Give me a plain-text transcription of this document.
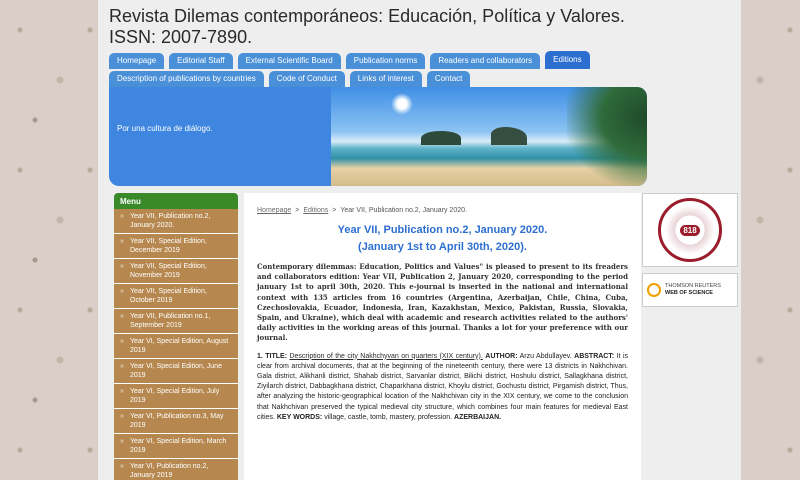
Revista Dilemas contemporáneos: Educación, Política y Valores.
ISSN: 2007-7890.
Homepage	Editorial Staff	External Scientific Board	Publication norms	Readers and collaborators	Editions
Description of publications by countries	Code of Conduct	Links of interest	Contact
Por una cultura de diálogo.
Menu
» Year VII, Publication no.2, January 2020.
» Year VII, Special Edition, December 2019
» Year VII, Special Edition, November 2019
» Year VII, Special Edition, October 2019
» Year VII, Publication no.1, September 2019
» Year VI, Special Edition, August 2019
» Year VI, Special Edition, June 2019
» Year VI, Special Edition, July 2019
» Year VI, Publication no.3, May 2019
» Year VI, Special Edition, March 2019
» Year VI, Publication no.2, January 2019
Homepage > Editions > Year VII, Publication no.2, January 2020.
Year VII, Publication no.2, January 2020.
(January 1st to April 30th, 2020).

Contemporary dilemmas: Education, Politics and Values" is pleased to present to its freaders and collaborators edition: Year VII, Publication 2, January 2020, corresponding to the period january 1st to april 30th, 2020. This e-journal is inserted in the national and international context with 135 articles from 16 countries (Argentina, Azerbaijan, Chile, China, Cuba, Czechoslovakia, Ecuador, Indonesia, Iran, Kazakhstan, Mexico, Pakistan, Russia, Slovakia, Spain, and Ukraine), which deal with academic and research activities related to the authors' daily activities in the working areas of this journal. Thanks a lot for your preference with our journal.

1. TITLE: Description of the city Nakhchyvan on quarters (XIX century). AUTHOR: Arzu Abdullayev. ABSTRACT: It is clear from archival documents, that at the beginning of the nineteenth century, there were 13 districts in Nakhchivan. Gala district, Alikhanli district, Shahab district, Sarvanlar district, Bilichi district, Hoshulu district, Sallagkhana district, Ziyilarch district, Dabbagkhana district, Chaparkhana district, Khoylu district, Gochustu district, Pirgamish district, Thus, after analyzing the historic-geographical location of the Nakhchivan city in the XIX century, we come to the conclusion that Nakhchivan preserved the typical medieval city structure, which combines four main features for medieval East cities. KEY WORDS: village, castle, tomb, mastery, profession. AZERBAIJAN.

818
THOMSON REUTERS
WEB OF SCIENCE
